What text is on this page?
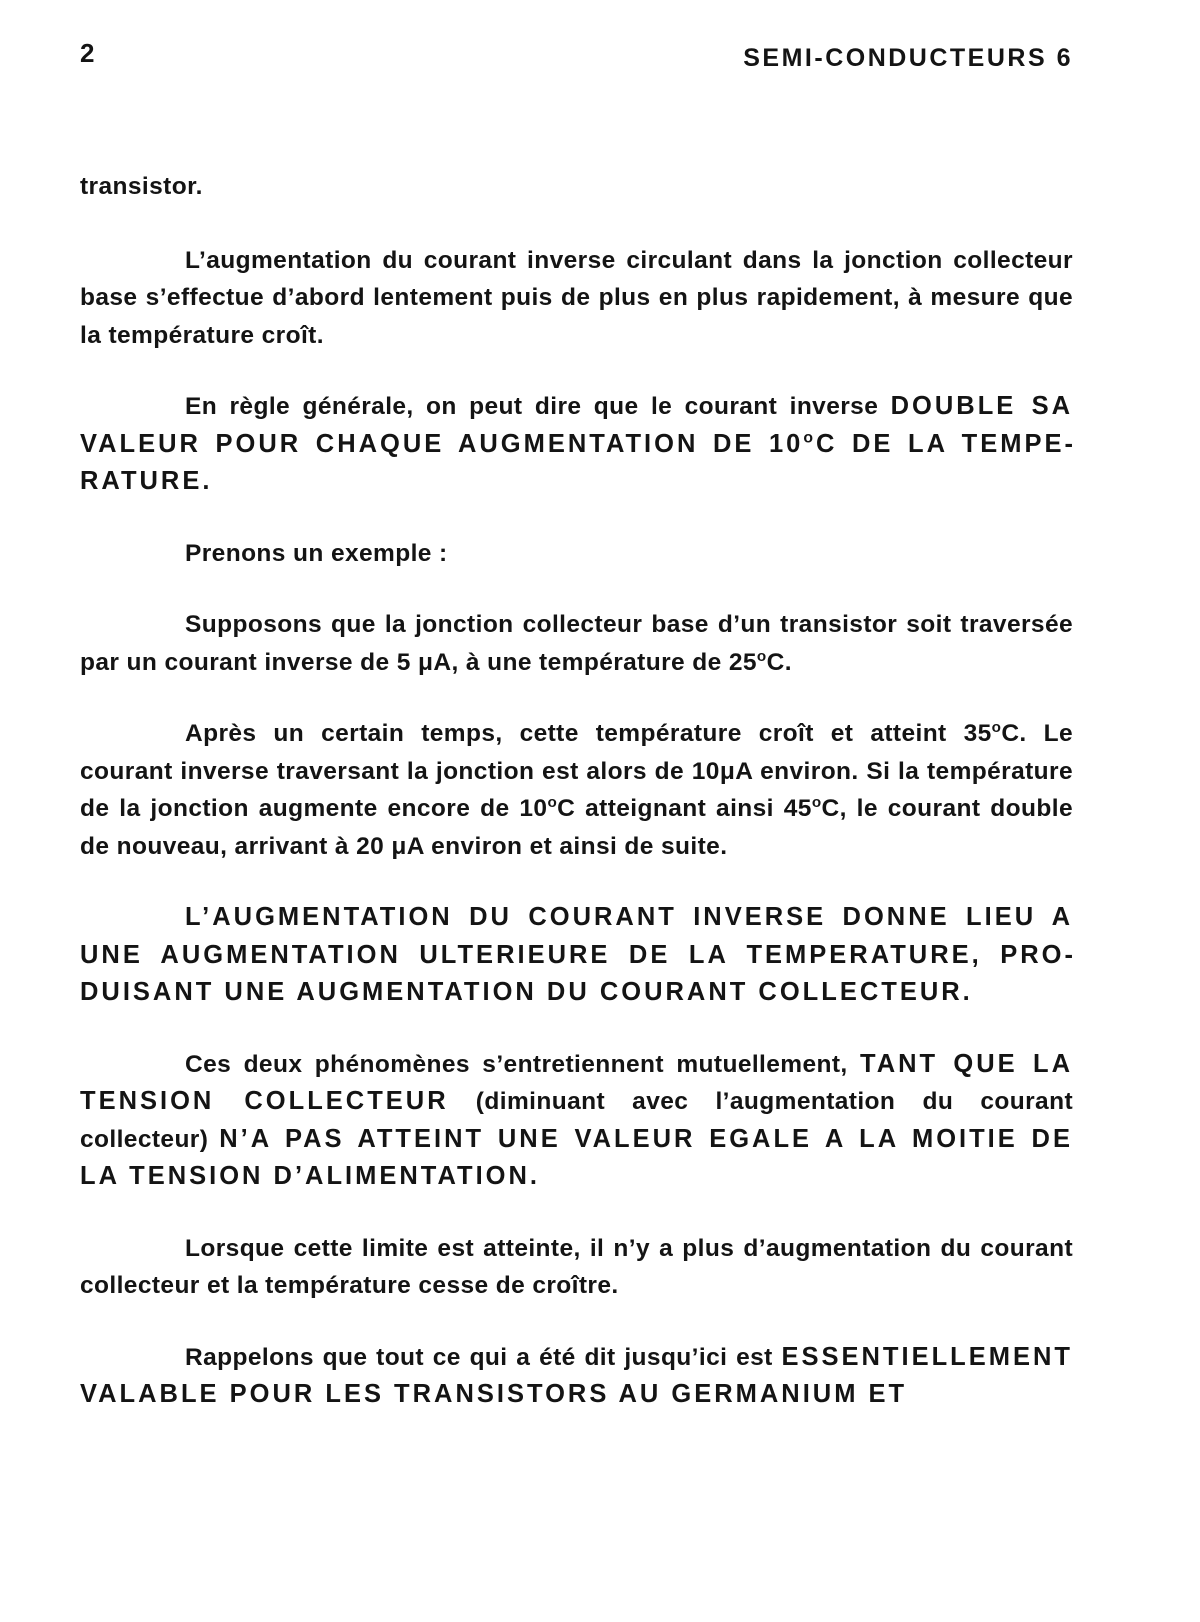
2	SEMI-CONDUCTEURS 6

transistor.

L’augmentation du courant inverse circulant dans la jonction collecteur base s’effectue d’abord lentement puis de plus en plus rapidement, à mesure que la température croît.

En règle générale, on peut dire que le courant inverse DOUBLE SA VALEUR POUR CHAQUE AUGMENTATION DE 10$^o$C DE LA TEMPERATURE.

Prenons un exemple :

Supposons que la jonction collecteur base d’un transistor soit traversée par un courant inverse de 5 μA, à une température de 25$^o$C.

Après un certain temps, cette température croît et atteint 35$^o$C. Le courant inverse traversant la jonction est alors de 10μA environ. Si la température de la jonction augmente encore de 10$^o$C atteignant ainsi 45$^o$C, le courant double de nouveau, arrivant à 20 μA environ et ainsi de suite.

L’AUGMENTATION DU COURANT INVERSE DONNE LIEU A UNE AUGMENTATION ULTERIEURE DE LA TEMPERATURE, PRODUISANT UNE AUGMENTATION DU COURANT COLLECTEUR.

Ces deux phénomènes s’entretiennent mutuellement, TANT QUE LA TENSION COLLECTEUR (diminuant avec l’augmentation du courant collecteur) N’A PAS ATTEINT UNE VALEUR EGALE A LA MOITIE DE LA TENSION D’ALIMENTATION.

Lorsque cette limite est atteinte, il n’y a plus d’augmentation du courant collecteur et la température cesse de croître.

Rappelons que tout ce qui a été dit jusqu’ici est ESSENTIELLEMENT VALABLE POUR LES TRANSISTORS AU GERMANIUM ET
